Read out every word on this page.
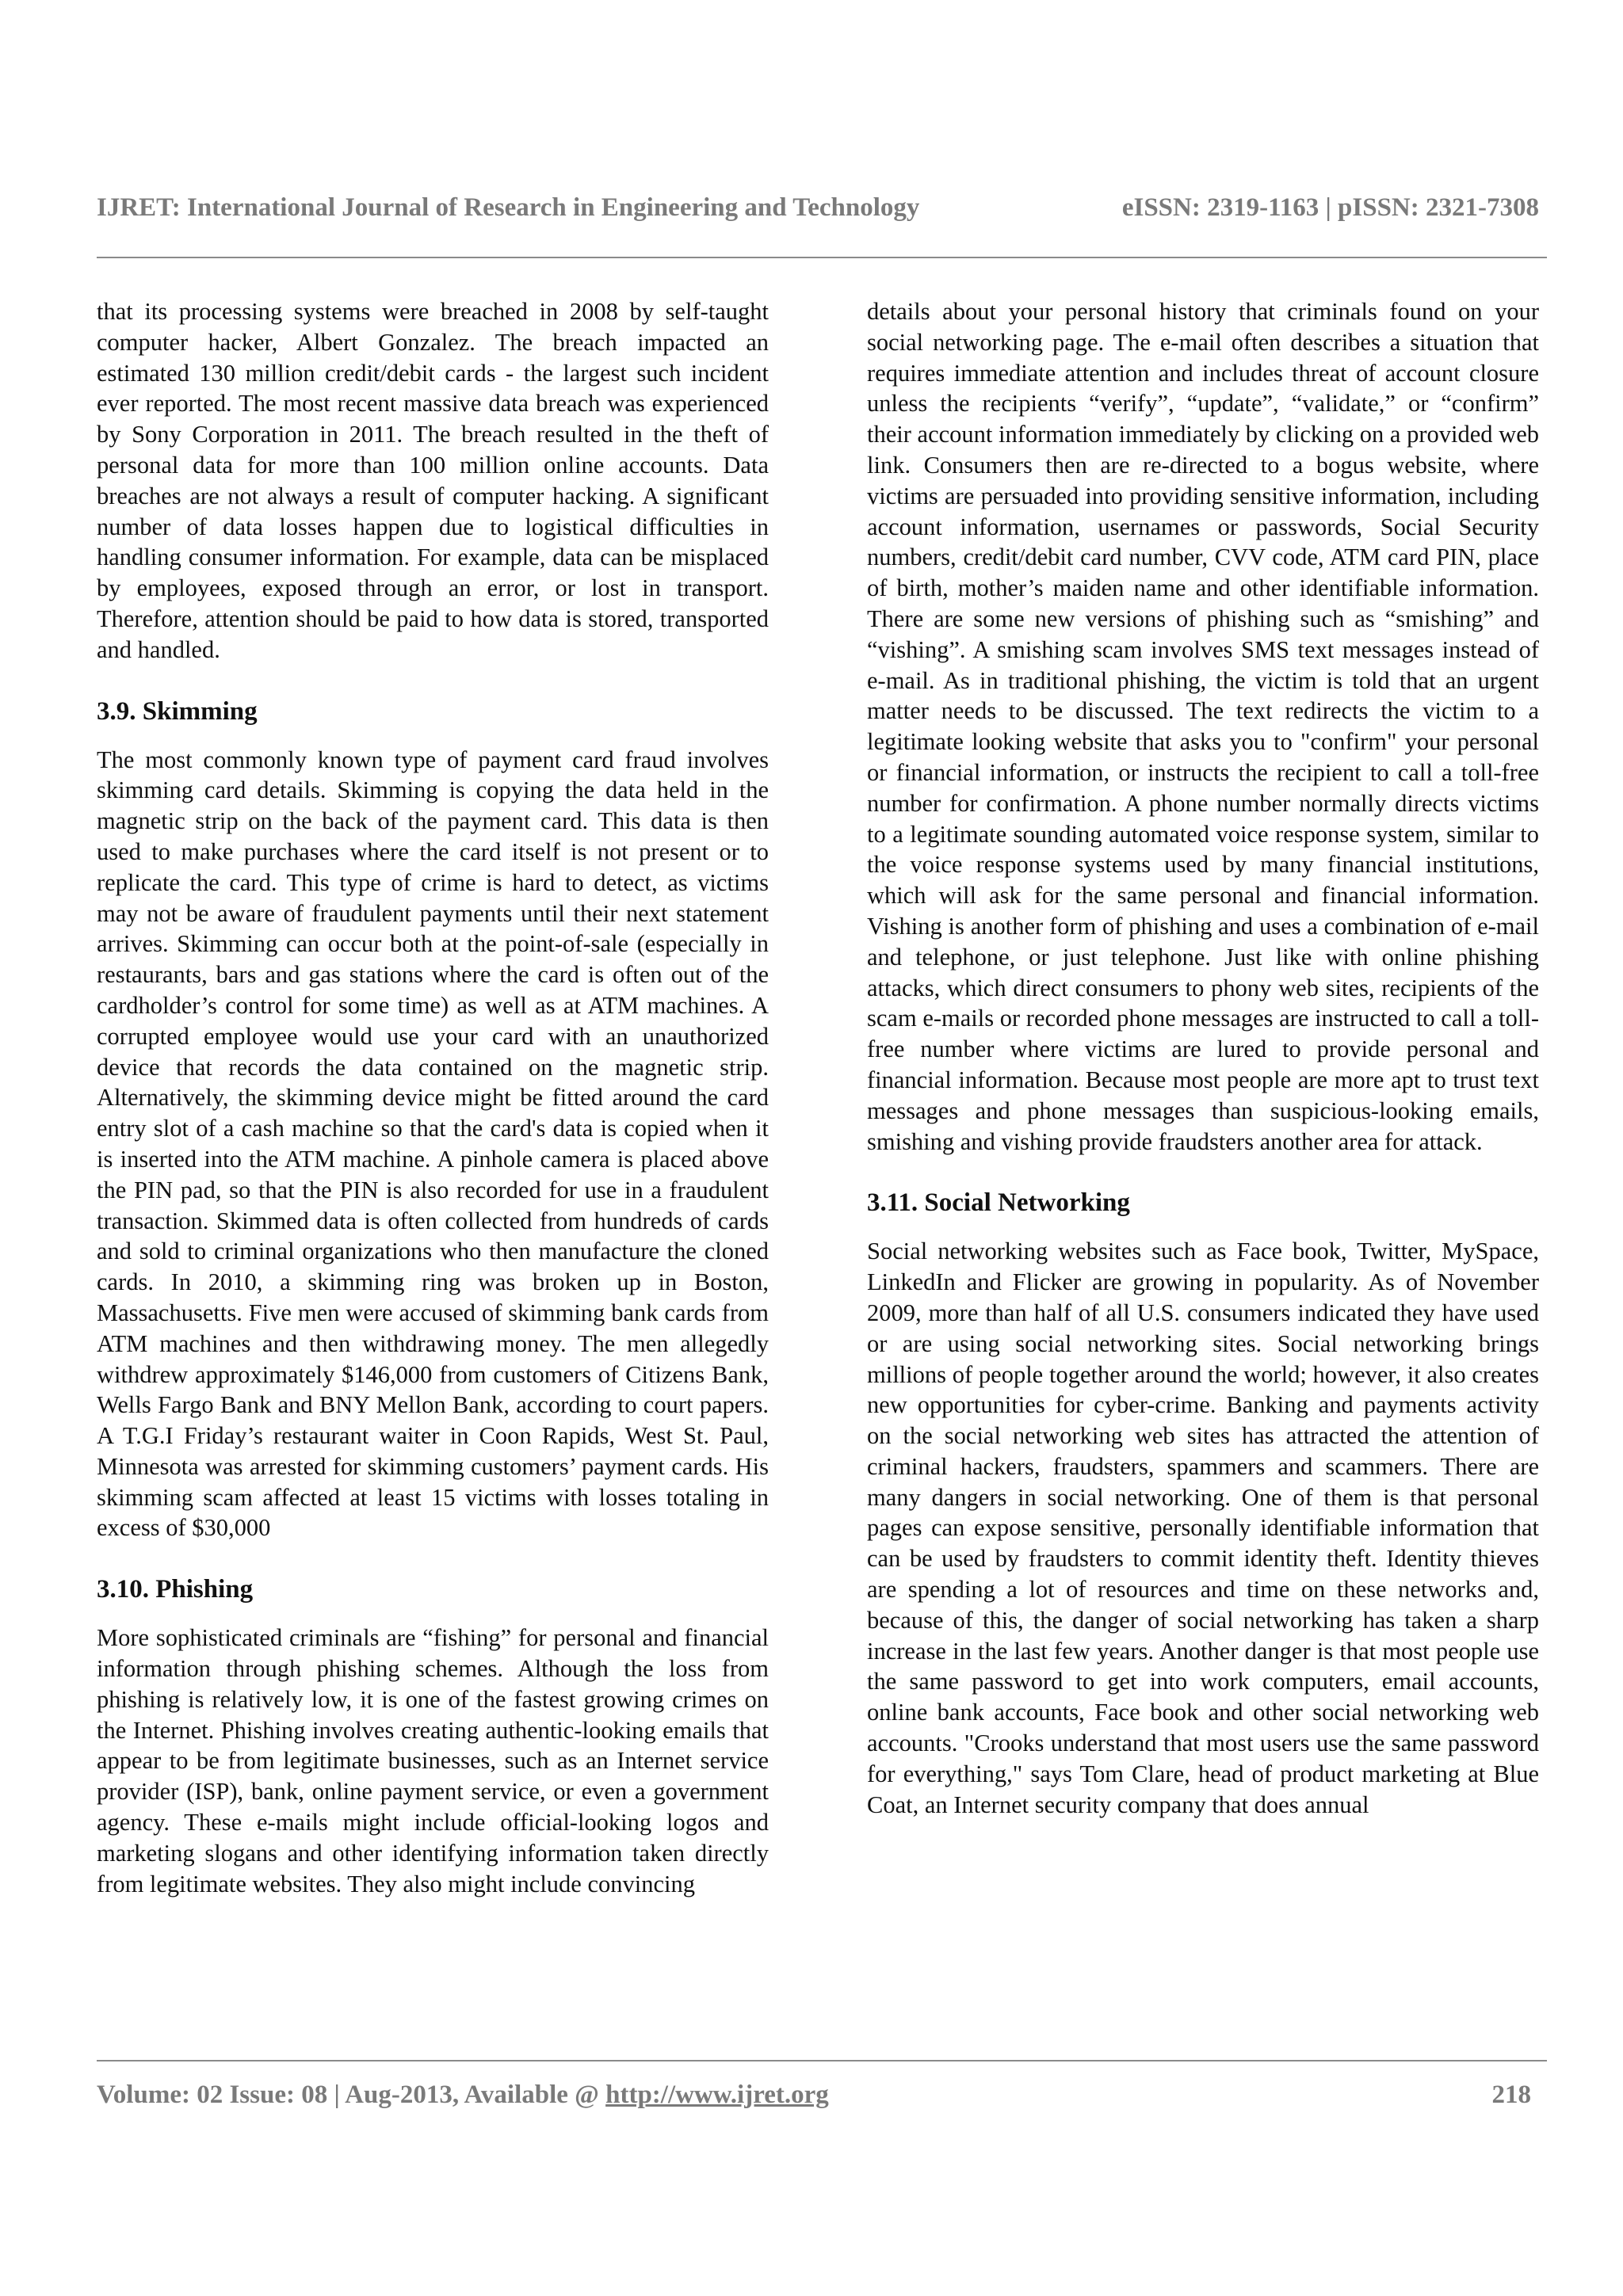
IJRET: International Journal of Research in Engineering and Technology	eISSN: 2319-1163 | pISSN: 2321-7308

that its processing systems were breached in 2008 by self-taught computer hacker, Albert Gonzalez. The breach impacted an estimated 130 million credit/debit cards - the largest such incident ever reported. The most recent massive data breach was experienced by Sony Corporation in 2011. The breach resulted in the theft of personal data for more than 100 million online accounts. Data breaches are not always a result of computer hacking. A significant number of data losses happen due to logistical difficulties in handling consumer information. For example, data can be misplaced by employees, exposed through an error, or lost in transport. Therefore, attention should be paid to how data is stored, transported and handled.

3.9. Skimming

The most commonly known type of payment card fraud involves skimming card details. Skimming is copying the data held in the magnetic strip on the back of the payment card. This data is then used to make purchases where the card itself is not present or to replicate the card. This type of crime is hard to detect, as victims may not be aware of fraudulent payments until their next statement arrives. Skimming can occur both at the point-of-sale (especially in restaurants, bars and gas stations where the card is often out of the cardholder’s control for some time) as well as at ATM machines. A corrupted employee would use your card with an unauthorized device that records the data contained on the magnetic strip. Alternatively, the skimming device might be fitted around the card entry slot of a cash machine so that the card's data is copied when it is inserted into the ATM machine. A pinhole camera is placed above the PIN pad, so that the PIN is also recorded for use in a fraudulent transaction. Skimmed data is often collected from hundreds of cards and sold to criminal organizations who then manufacture the cloned cards. In 2010, a skimming ring was broken up in Boston, Massachusetts. Five men were accused of skimming bank cards from ATM machines and then withdrawing money. The men allegedly withdrew approximately $146,000 from customers of Citizens Bank, Wells Fargo Bank and BNY Mellon Bank, according to court papers. A T.G.I Friday’s restaurant waiter in Coon Rapids, West St. Paul, Minnesota was arrested for skimming customers’ payment cards. His skimming scam affected at least 15 victims with losses totaling in excess of $30,000

3.10. Phishing

More sophisticated criminals are “fishing” for personal and financial information through phishing schemes. Although the loss from phishing is relatively low, it is one of the fastest growing crimes on the Internet. Phishing involves creating authentic-looking emails that appear to be from legitimate businesses, such as an Internet service provider (ISP), bank, online payment service, or even a government agency. These e-mails might include official-looking logos and marketing slogans and other identifying information taken directly from legitimate websites. They also might include convincing

details about your personal history that criminals found on your social networking page. The e-mail often describes a situation that requires immediate attention and includes threat of account closure unless the recipients “verify”, “update”, “validate,” or “confirm” their account information immediately by clicking on a provided web link. Consumers then are re-directed to a bogus website, where victims are persuaded into providing sensitive information, including account information, usernames or passwords, Social Security numbers, credit/debit card number, CVV code, ATM card PIN, place of birth, mother’s maiden name and other identifiable information. There are some new versions of phishing such as “smishing” and “vishing”. A smishing scam involves SMS text messages instead of e-mail. As in traditional phishing, the victim is told that an urgent matter needs to be discussed. The text redirects the victim to a legitimate looking website that asks you to "confirm" your personal or financial information, or instructs the recipient to call a toll-free number for confirmation. A phone number normally directs victims to a legitimate sounding automated voice response system, similar to the voice response systems used by many financial institutions, which will ask for the same personal and financial information. Vishing is another form of phishing and uses a combination of e-mail and telephone, or just telephone. Just like with online phishing attacks, which direct consumers to phony web sites, recipients of the scam e-mails or recorded phone messages are instructed to call a toll-free number where victims are lured to provide personal and financial information. Because most people are more apt to trust text messages and phone messages than suspicious-looking emails, smishing and vishing provide fraudsters another area for attack.

3.11. Social Networking

Social networking websites such as Face book, Twitter, MySpace, LinkedIn and Flicker are growing in popularity. As of November 2009, more than half of all U.S. consumers indicated they have used or are using social networking sites. Social networking brings millions of people together around the world; however, it also creates new opportunities for cyber-crime. Banking and payments activity on the social networking web sites has attracted the attention of criminal hackers, fraudsters, spammers and scammers. There are many dangers in social networking. One of them is that personal pages can expose sensitive, personally identifiable information that can be used by fraudsters to commit identity theft. Identity thieves are spending a lot of resources and time on these networks and, because of this, the danger of social networking has taken a sharp increase in the last few years. Another danger is that most people use the same password to get into work computers, email accounts, online bank accounts, Face book and other social networking web accounts. "Crooks understand that most users use the same password for everything," says Tom Clare, head of product marketing at Blue Coat, an Internet security company that does annual

Volume: 02 Issue: 08 | Aug-2013, Available @ http://www.ijret.org	218
